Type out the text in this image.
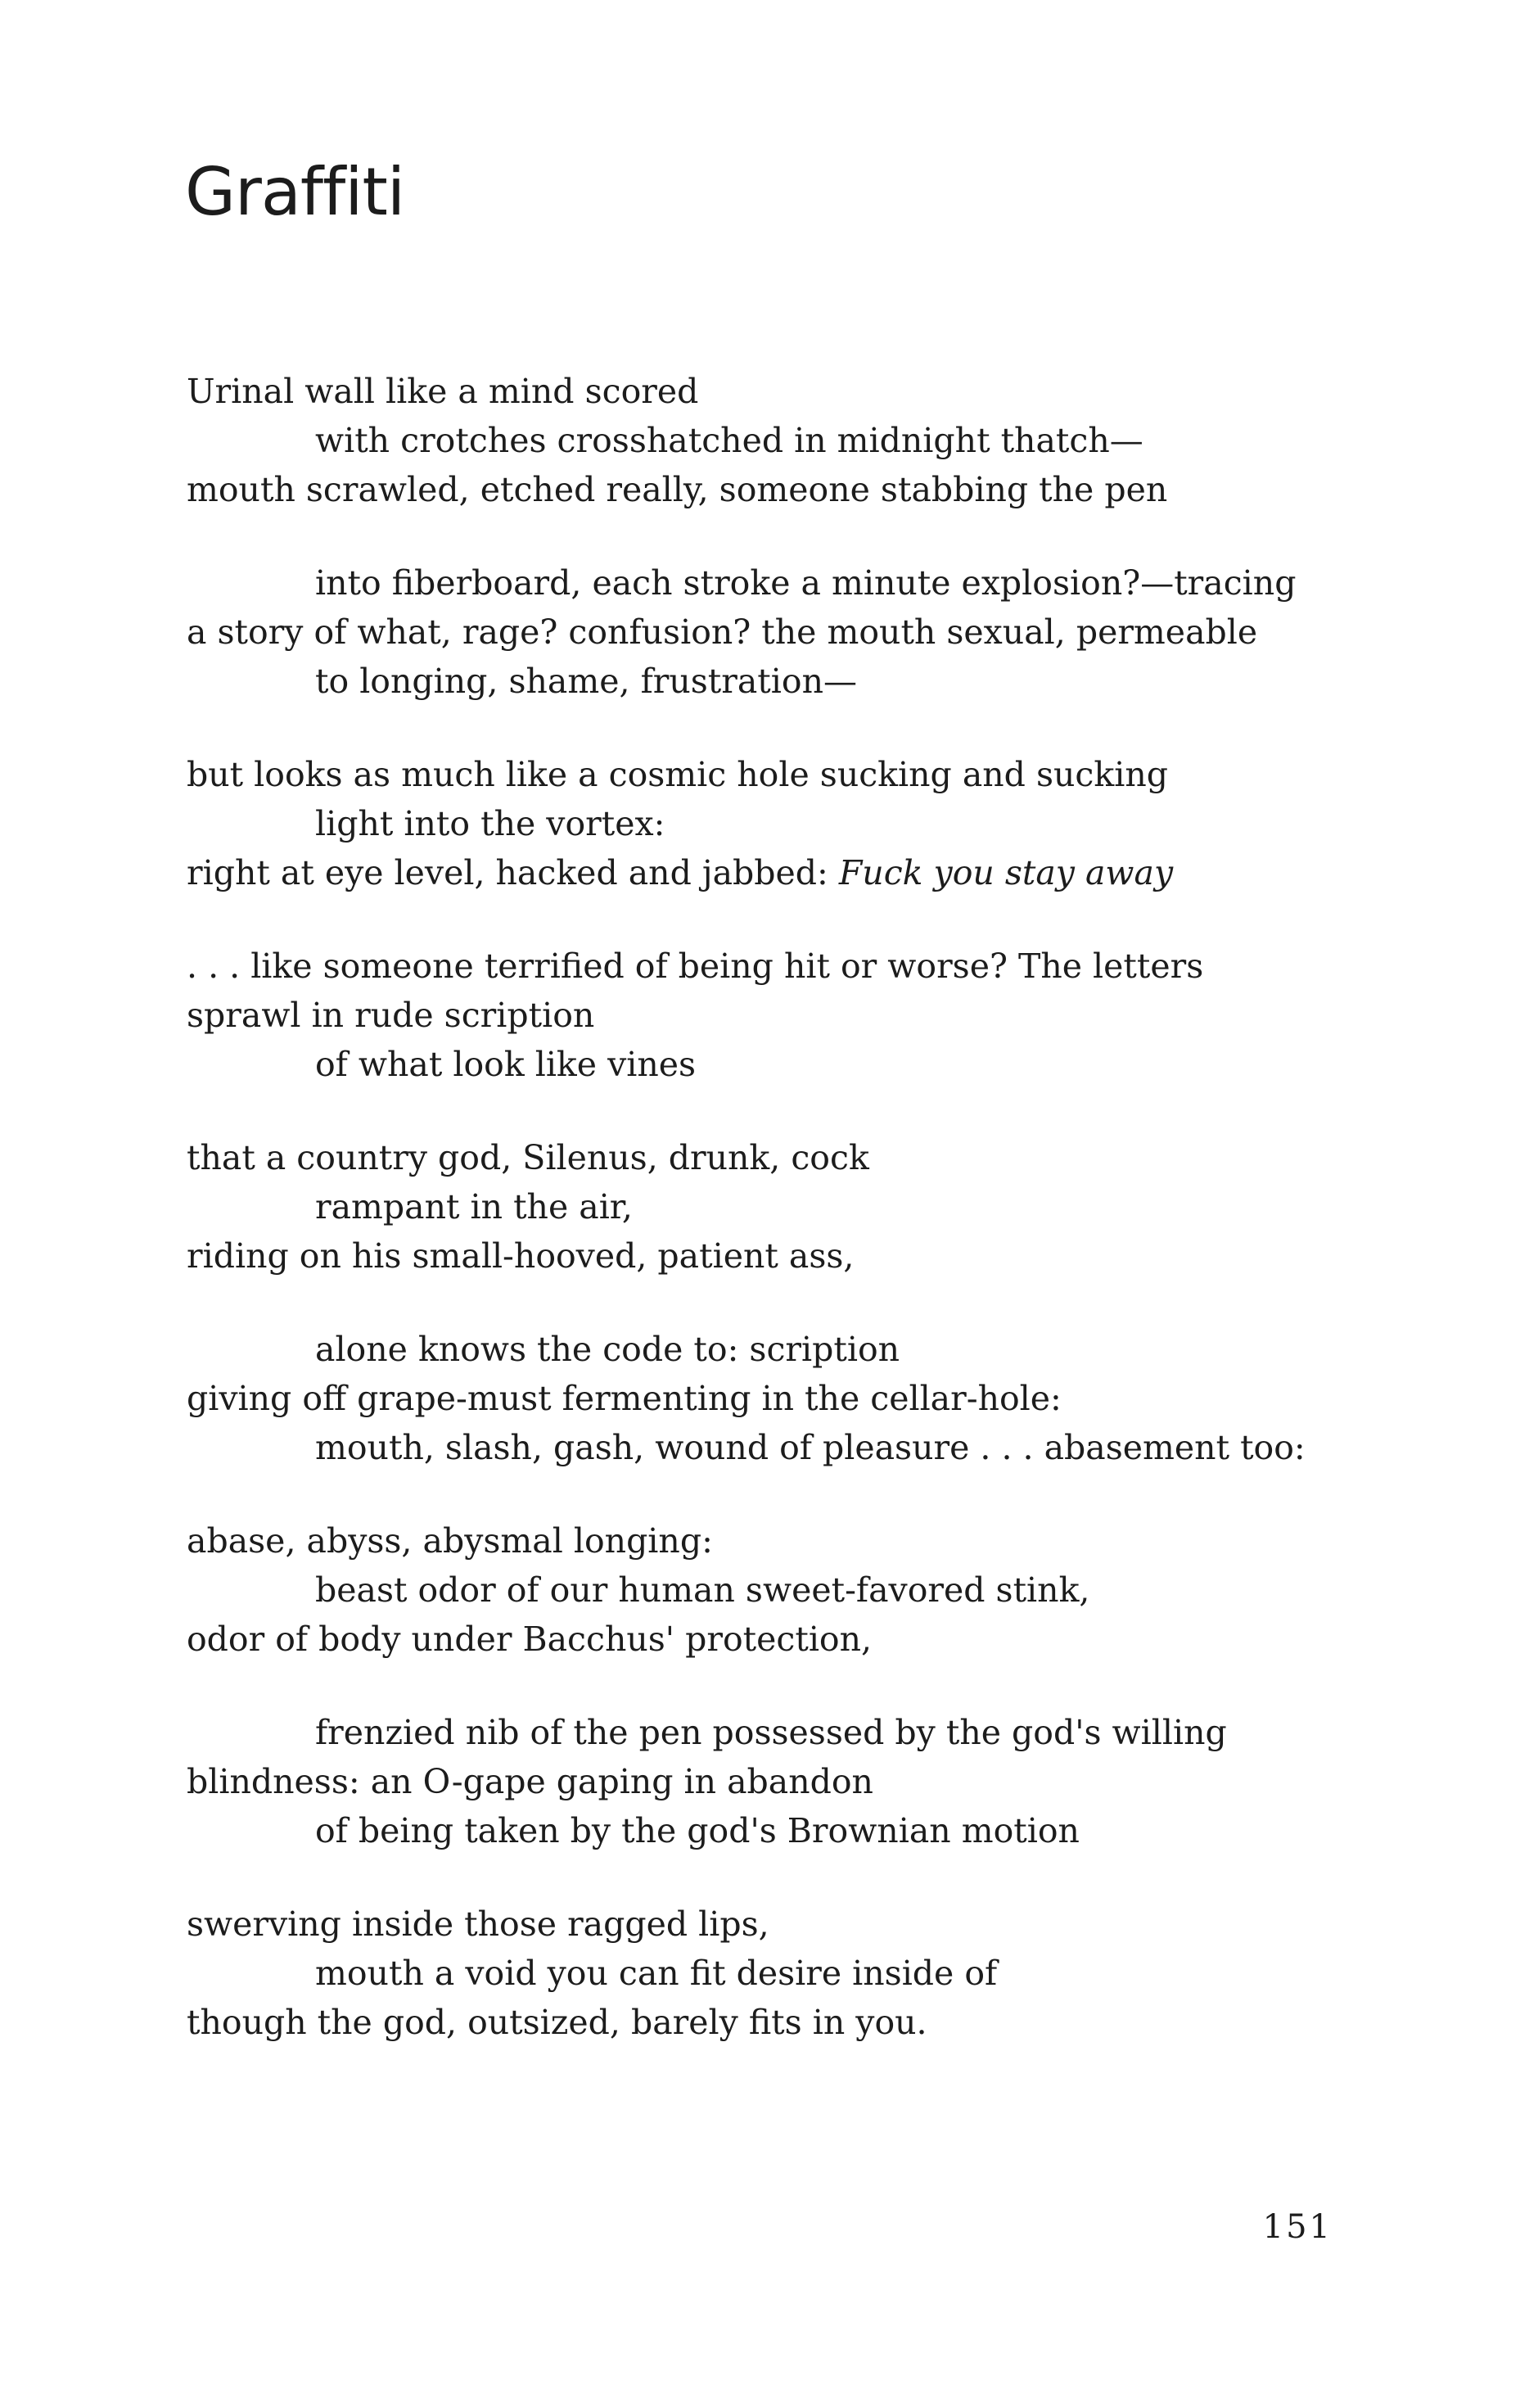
Graffiti
Urinal wall like a mind scored
with crotches crosshatched in midnight thatch—
mouth scrawled, etched really, someone stabbing the pen
into fiberboard, each stroke a minute explosion?—tracing
a story of what, rage? confusion? the mouth sexual, permeable
to longing, shame, frustration—
but looks as much like a cosmic hole sucking and sucking
light into the vortex:
right at eye level, hacked and jabbed: Fuck you stay away
. . . like someone terrified of being hit or worse? The letters
sprawl in rude scription
of what look like vines
that a country god, Silenus, drunk, cock
rampant in the air,
riding on his small-hooved, patient ass,
alone knows the code to: scription
giving off grape-must fermenting in the cellar-hole:
mouth, slash, gash, wound of pleasure . . . abasement too:
abase, abyss, abysmal longing:
beast odor of our human sweet-favored stink,
odor of body under Bacchus' protection,
frenzied nib of the pen possessed by the god's willing
blindness: an O-gape gaping in abandon
of being taken by the god's Brownian motion
swerving inside those ragged lips,
mouth a void you can fit desire inside of
though the god, outsized, barely fits in you.
151
